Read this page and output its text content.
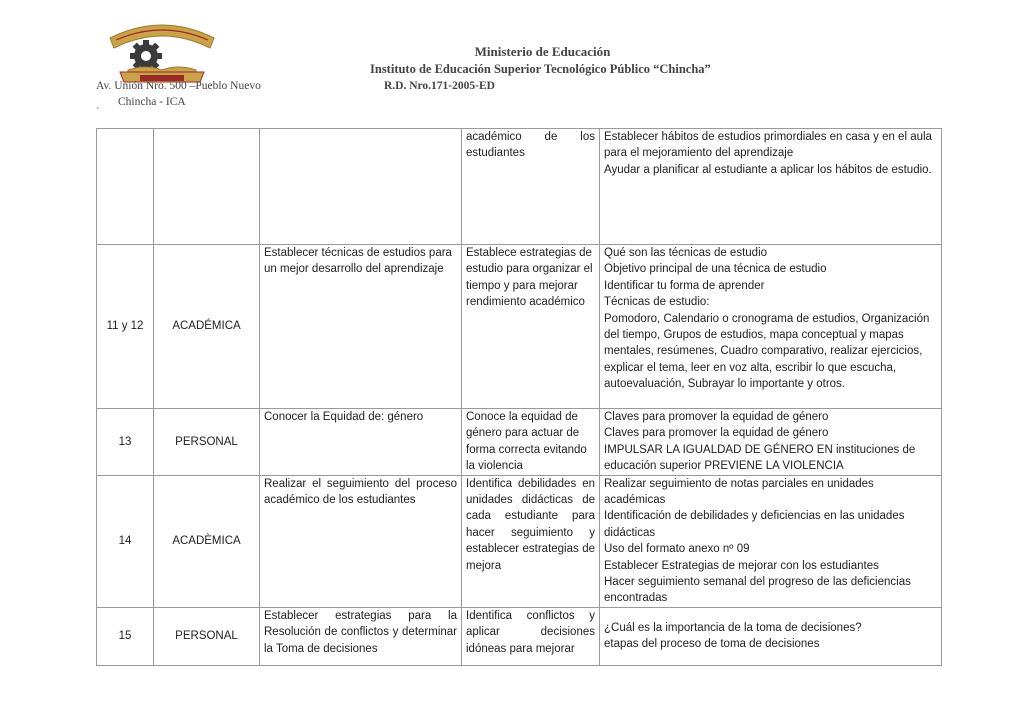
Ministerio de Educación
Instituto de Educación Superior Tecnológico Público “Chincha”
Av. Unión Nro. 500 –Pueblo Nuevo	R.D. Nro.171-2005-ED
Chincha - ICA
`

			académico de los estudiantes	Establecer hábitos de estudios primordiales en casa y en el aula para el mejoramiento del aprendizaje
Ayudar a planificar al estudiante a aplicar los hábitos de estudio.

11 y 12	ACADÉMICA	Establecer técnicas de estudios para un mejor desarrollo del aprendizaje	Establece estrategias de estudio para organizar el tiempo y para mejorar rendimiento académico	Qué son las técnicas de estudio
Objetivo principal de una técnica de estudio
Identificar tu forma de aprender
Técnicas de estudio:
Pomodoro, Calendario o cronograma de estudios, Organización del tiempo, Grupos de estudios, mapa conceptual y mapas mentales, resúmenes, Cuadro comparativo, realizar ejercicios, explicar el tema, leer en voz alta, escribir lo que escucha, autoevaluación, Subrayar lo importante y otros.

13	PERSONAL	Conocer la Equidad de: género	Conoce la equidad de género para actuar de forma correcta evitando la violencia	Claves para promover la equidad de género
Claves para promover la equidad de género
IMPULSAR LA IGUALDAD DE GÉNERO EN instituciones de educación superior PREVIENE LA VIOLENCIA

14	ACADÈMICA	Realizar el seguimiento del proceso académico de los estudiantes	Identifica debilidades en unidades didácticas de cada estudiante para hacer seguimiento y establecer estrategias de mejora	Realizar seguimiento de notas parciales en unidades académicas
Identificación de debilidades y deficiencias en las unidades didácticas
Uso del formato anexo nº 09
Establecer Estrategias de mejorar con los estudiantes
Hacer seguimiento semanal del progreso de las deficiencias encontradas

15	PERSONAL	Establecer estrategias para la Resolución de conflictos y determinar la Toma de decisiones	Identifica conflictos y aplicar decisiones idóneas para mejorar	¿Cuál es la importancia de la toma de decisiones?
etapas del proceso de toma de decisiones
